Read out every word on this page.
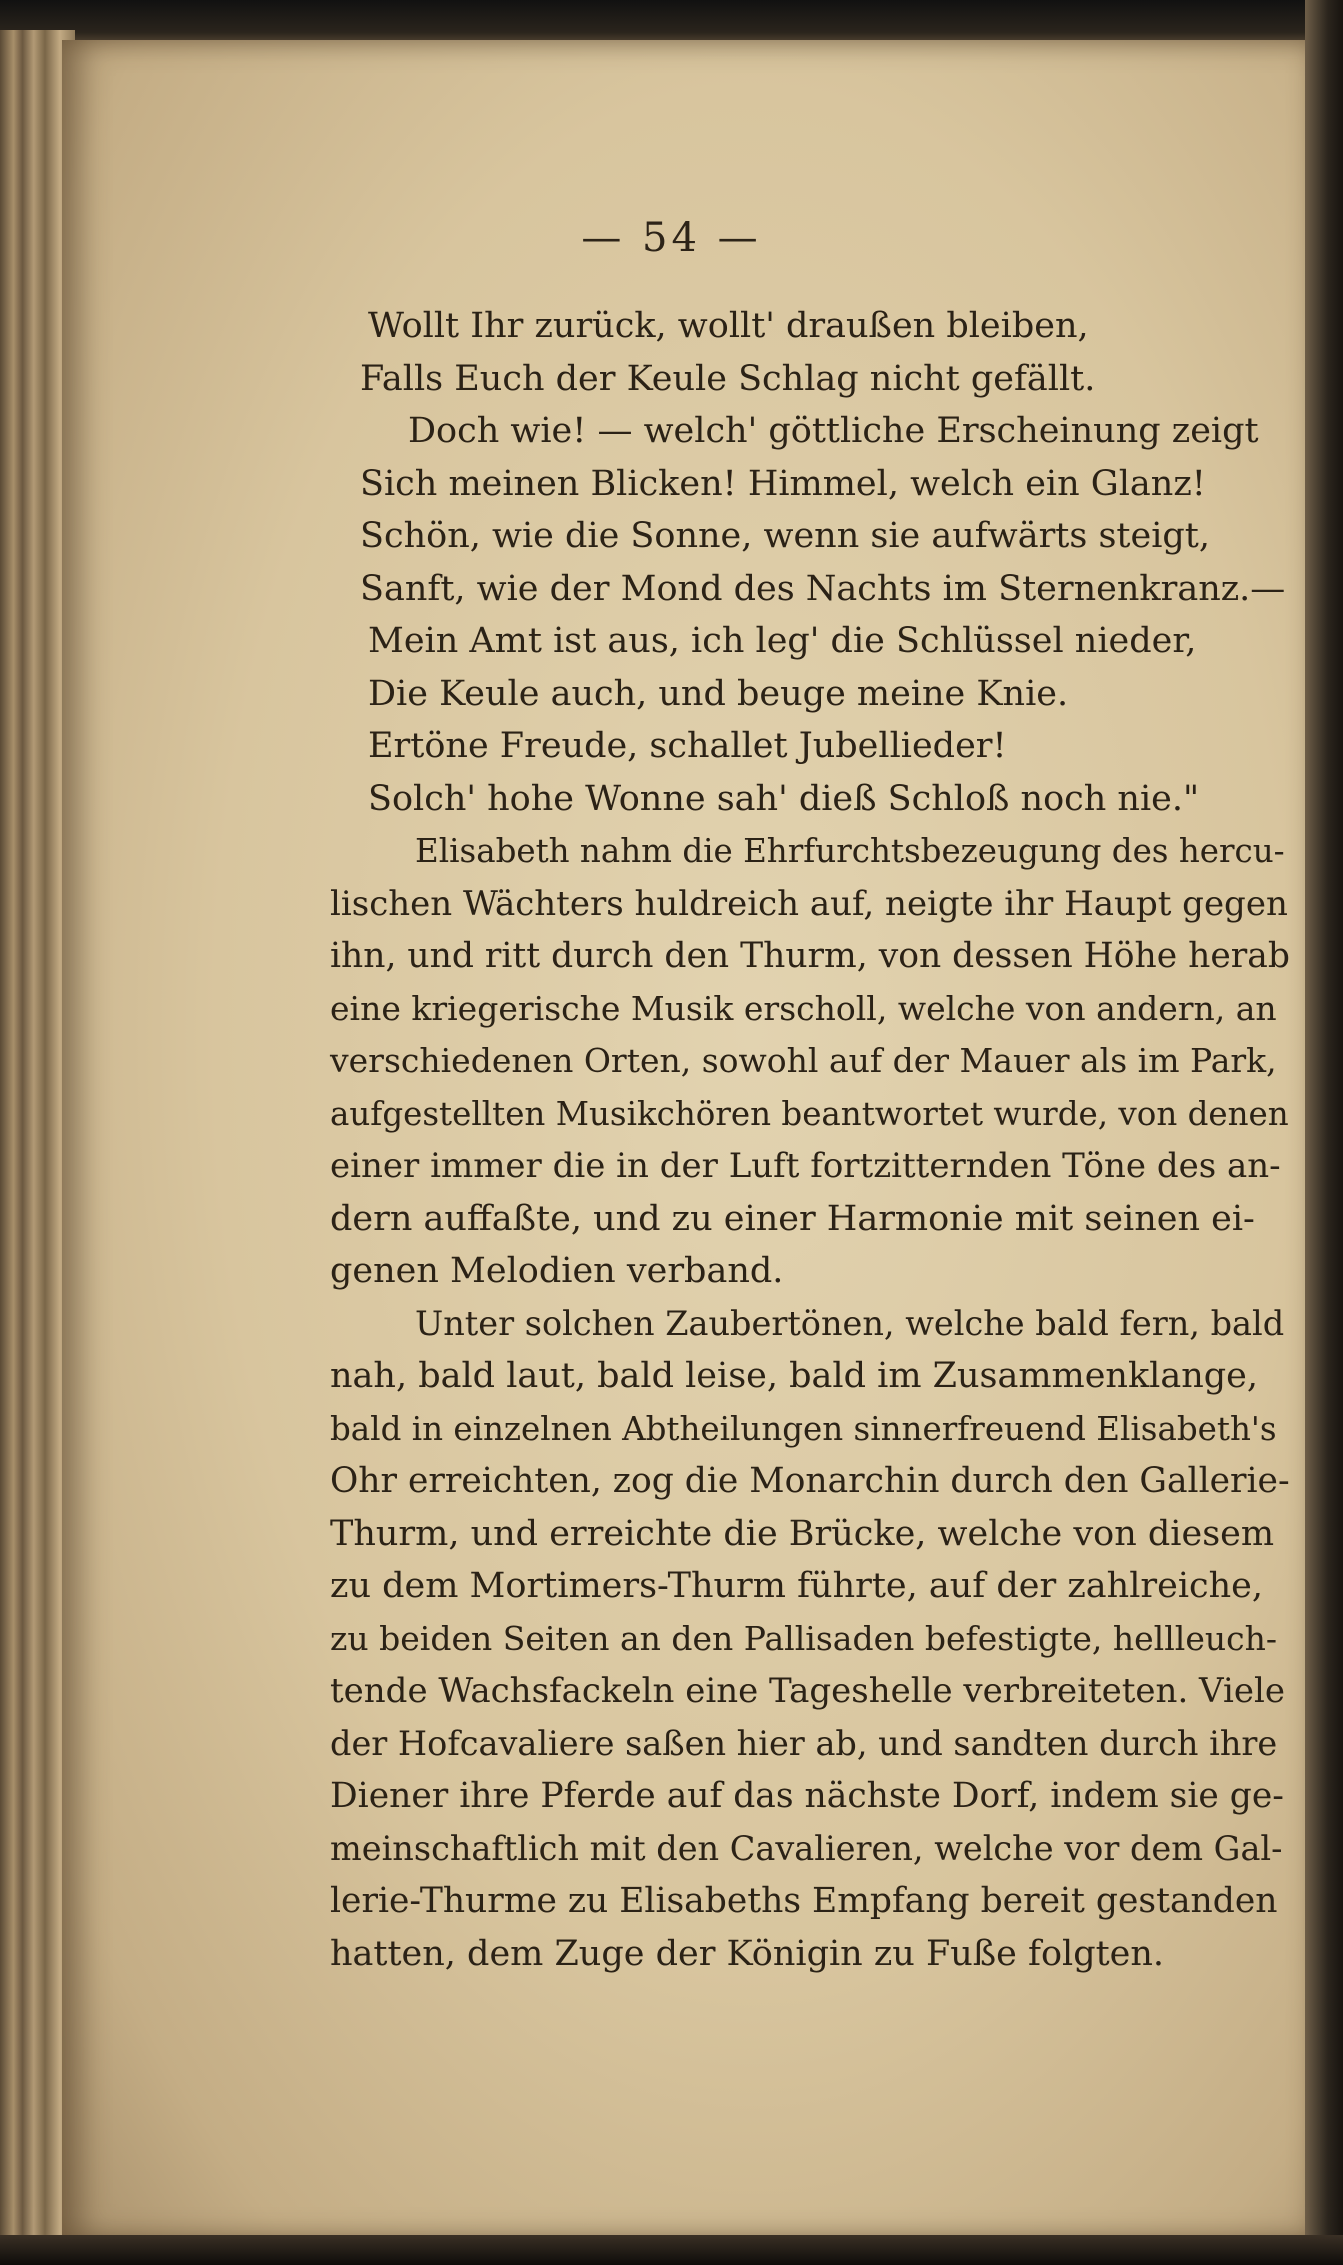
— 54 —
Wollt Ihr zurück, wollt' draußen bleiben,
Falls Euch der Keule Schlag nicht gefällt.
Doch wie! — welch' göttliche Erscheinung zeigt
Sich meinen Blicken! Himmel, welch ein Glanz!
Schön, wie die Sonne, wenn sie aufwärts steigt,
Sanft, wie der Mond des Nachts im Sternenkranz.—
Mein Amt ist aus, ich leg' die Schlüssel nieder,
Die Keule auch, und beuge meine Knie.
Ertöne Freude, schallet Jubellieder!
Solch' hohe Wonne sah' dieß Schloß noch nie."
Elisabeth nahm die Ehrfurchtsbezeugung des hercu-
lischen Wächters huldreich auf, neigte ihr Haupt gegen
ihn, und ritt durch den Thurm, von dessen Höhe herab
eine kriegerische Musik erscholl, welche von andern, an
verschiedenen Orten, sowohl auf der Mauer als im Park,
aufgestellten Musikchören beantwortet wurde, von denen
einer immer die in der Luft fortzitternden Töne des an-
dern auffaßte, und zu einer Harmonie mit seinen ei-
genen Melodien verband.
Unter solchen Zaubertönen, welche bald fern, bald
nah, bald laut, bald leise, bald im Zusammenklange,
bald in einzelnen Abtheilungen sinnerfreuend Elisabeth's
Ohr erreichten, zog die Monarchin durch den Gallerie-
Thurm, und erreichte die Brücke, welche von diesem
zu dem Mortimers-Thurm führte, auf der zahlreiche,
zu beiden Seiten an den Pallisaden befestigte, hellleuch-
tende Wachsfackeln eine Tageshelle verbreiteten. Viele
der Hofcavaliere saßen hier ab, und sandten durch ihre
Diener ihre Pferde auf das nächste Dorf, indem sie ge-
meinschaftlich mit den Cavalieren, welche vor dem Gal-
lerie-Thurme zu Elisabeths Empfang bereit gestanden
hatten, dem Zuge der Königin zu Fuße folgten.
